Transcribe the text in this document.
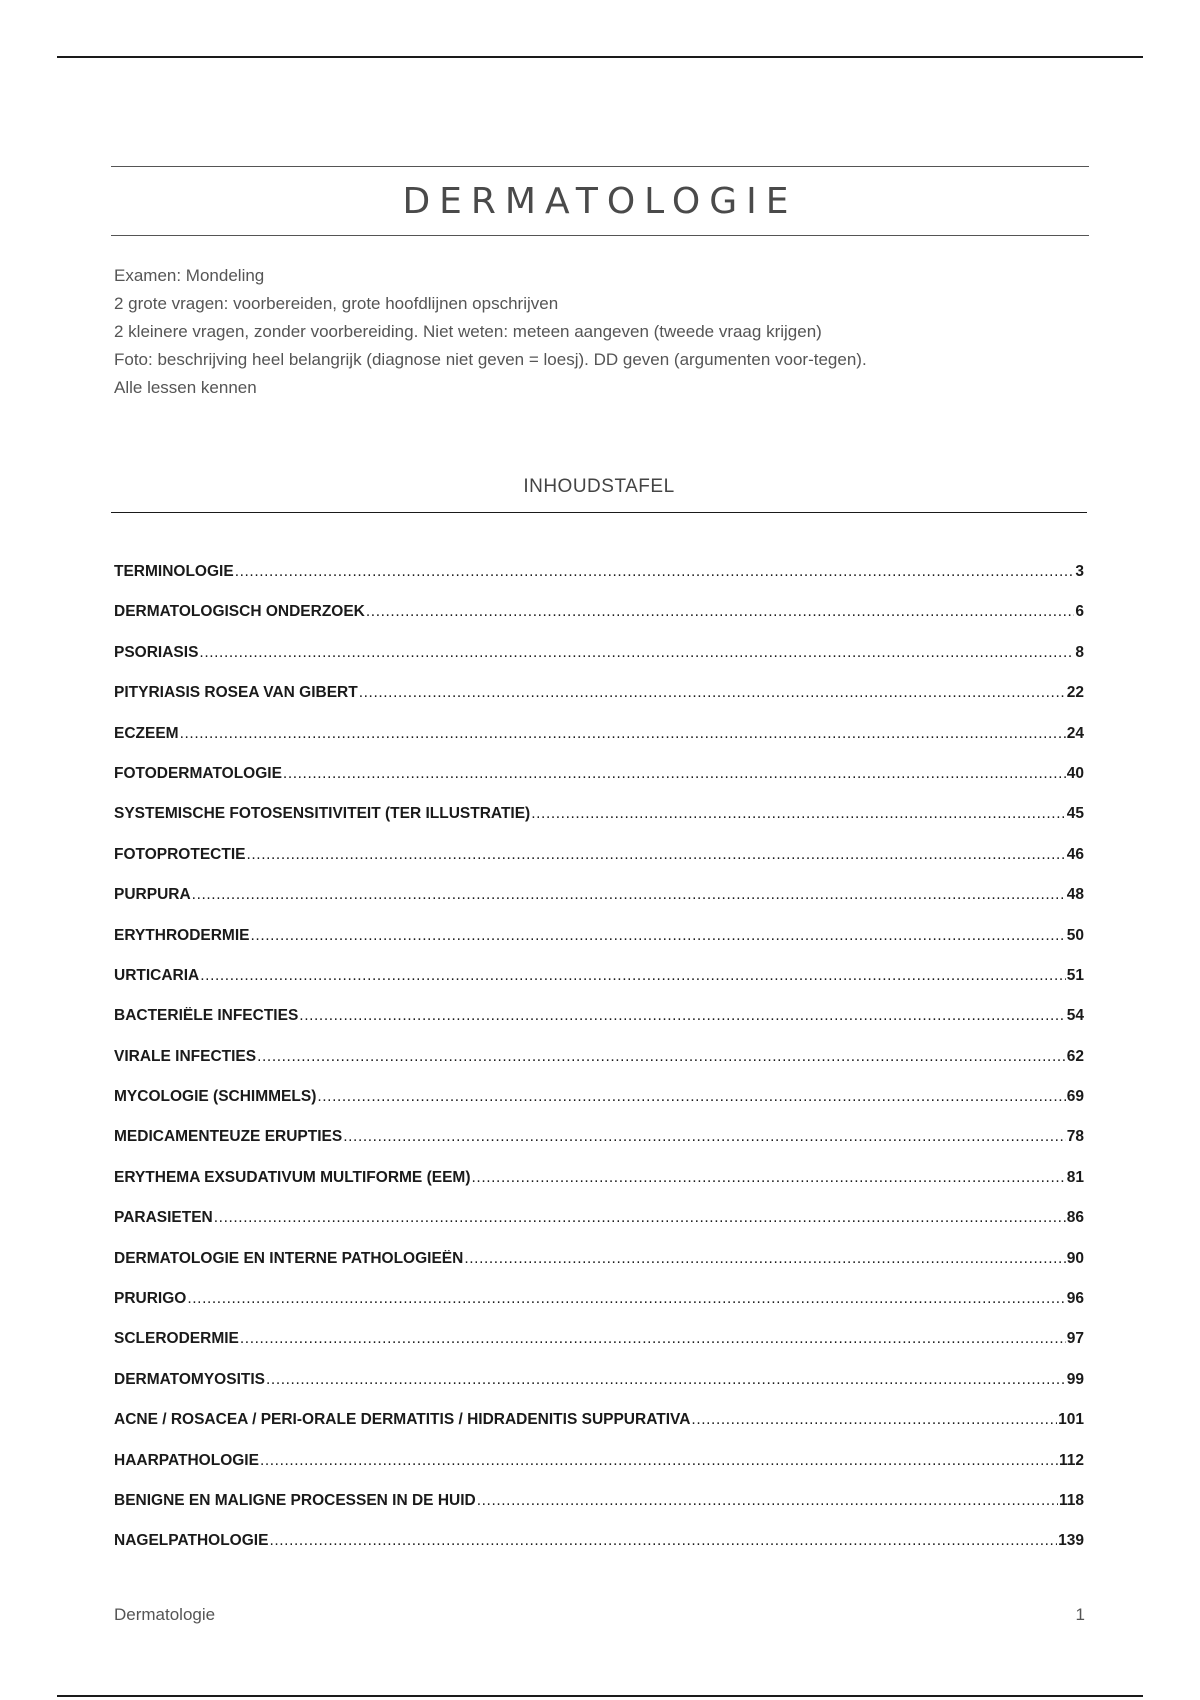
DERMATOLOGIE

Examen: Mondeling

2 grote vragen: voorbereiden, grote hoofdlijnen opschrijven

2 kleinere vragen, zonder voorbereiding. Niet weten: meteen aangeven (tweede vraag krijgen)

Foto: beschrijving heel belangrijk (diagnose niet geven = loesj). DD geven (argumenten voor-tegen).

Alle lessen kennen

INHOUDSTAFEL
TERMINOLOGIE .....	3
DERMATOLOGISCH ONDERZOEK .....	6
PSORIASIS .....	8
PITYRIASIS ROSEA VAN GIBERT .....	22
ECZEEM .....	24
FOTODERMATOLOGIE .....	40
SYSTEMISCHE FOTOSENSITIVITEIT (TER ILLUSTRATIE) .....	45
FOTOPROTECTIE .....	46
PURPURA .....	48
ERYTHRODERMIE .....	50
URTICARIA .....	51
BACTERIËLE INFECTIES .....	54
VIRALE INFECTIES .....	62
MYCOLOGIE (SCHIMMELS) .....	69
MEDICAMENTEUZE ERUPTIES .....	78
ERYTHEMA EXSUDATIVUM MULTIFORME (EEM) .....	81
PARASIETEN .....	86
DERMATOLOGIE EN INTERNE PATHOLOGIEËN .....	90
PRURIGO .....	96
SCLERODERMIE .....	97
DERMATOMYOSITIS .....	99
ACNE / ROSACEA / PERI-ORALE DERMATITIS / HIDRADENITIS SUPPURATIVA .....	101
HAARPATHOLOGIE .....	112
BENIGNE EN MALIGNE PROCESSEN IN DE HUID .....	118
NAGELPATHOLOGIE .....	139
Dermatologie	1
